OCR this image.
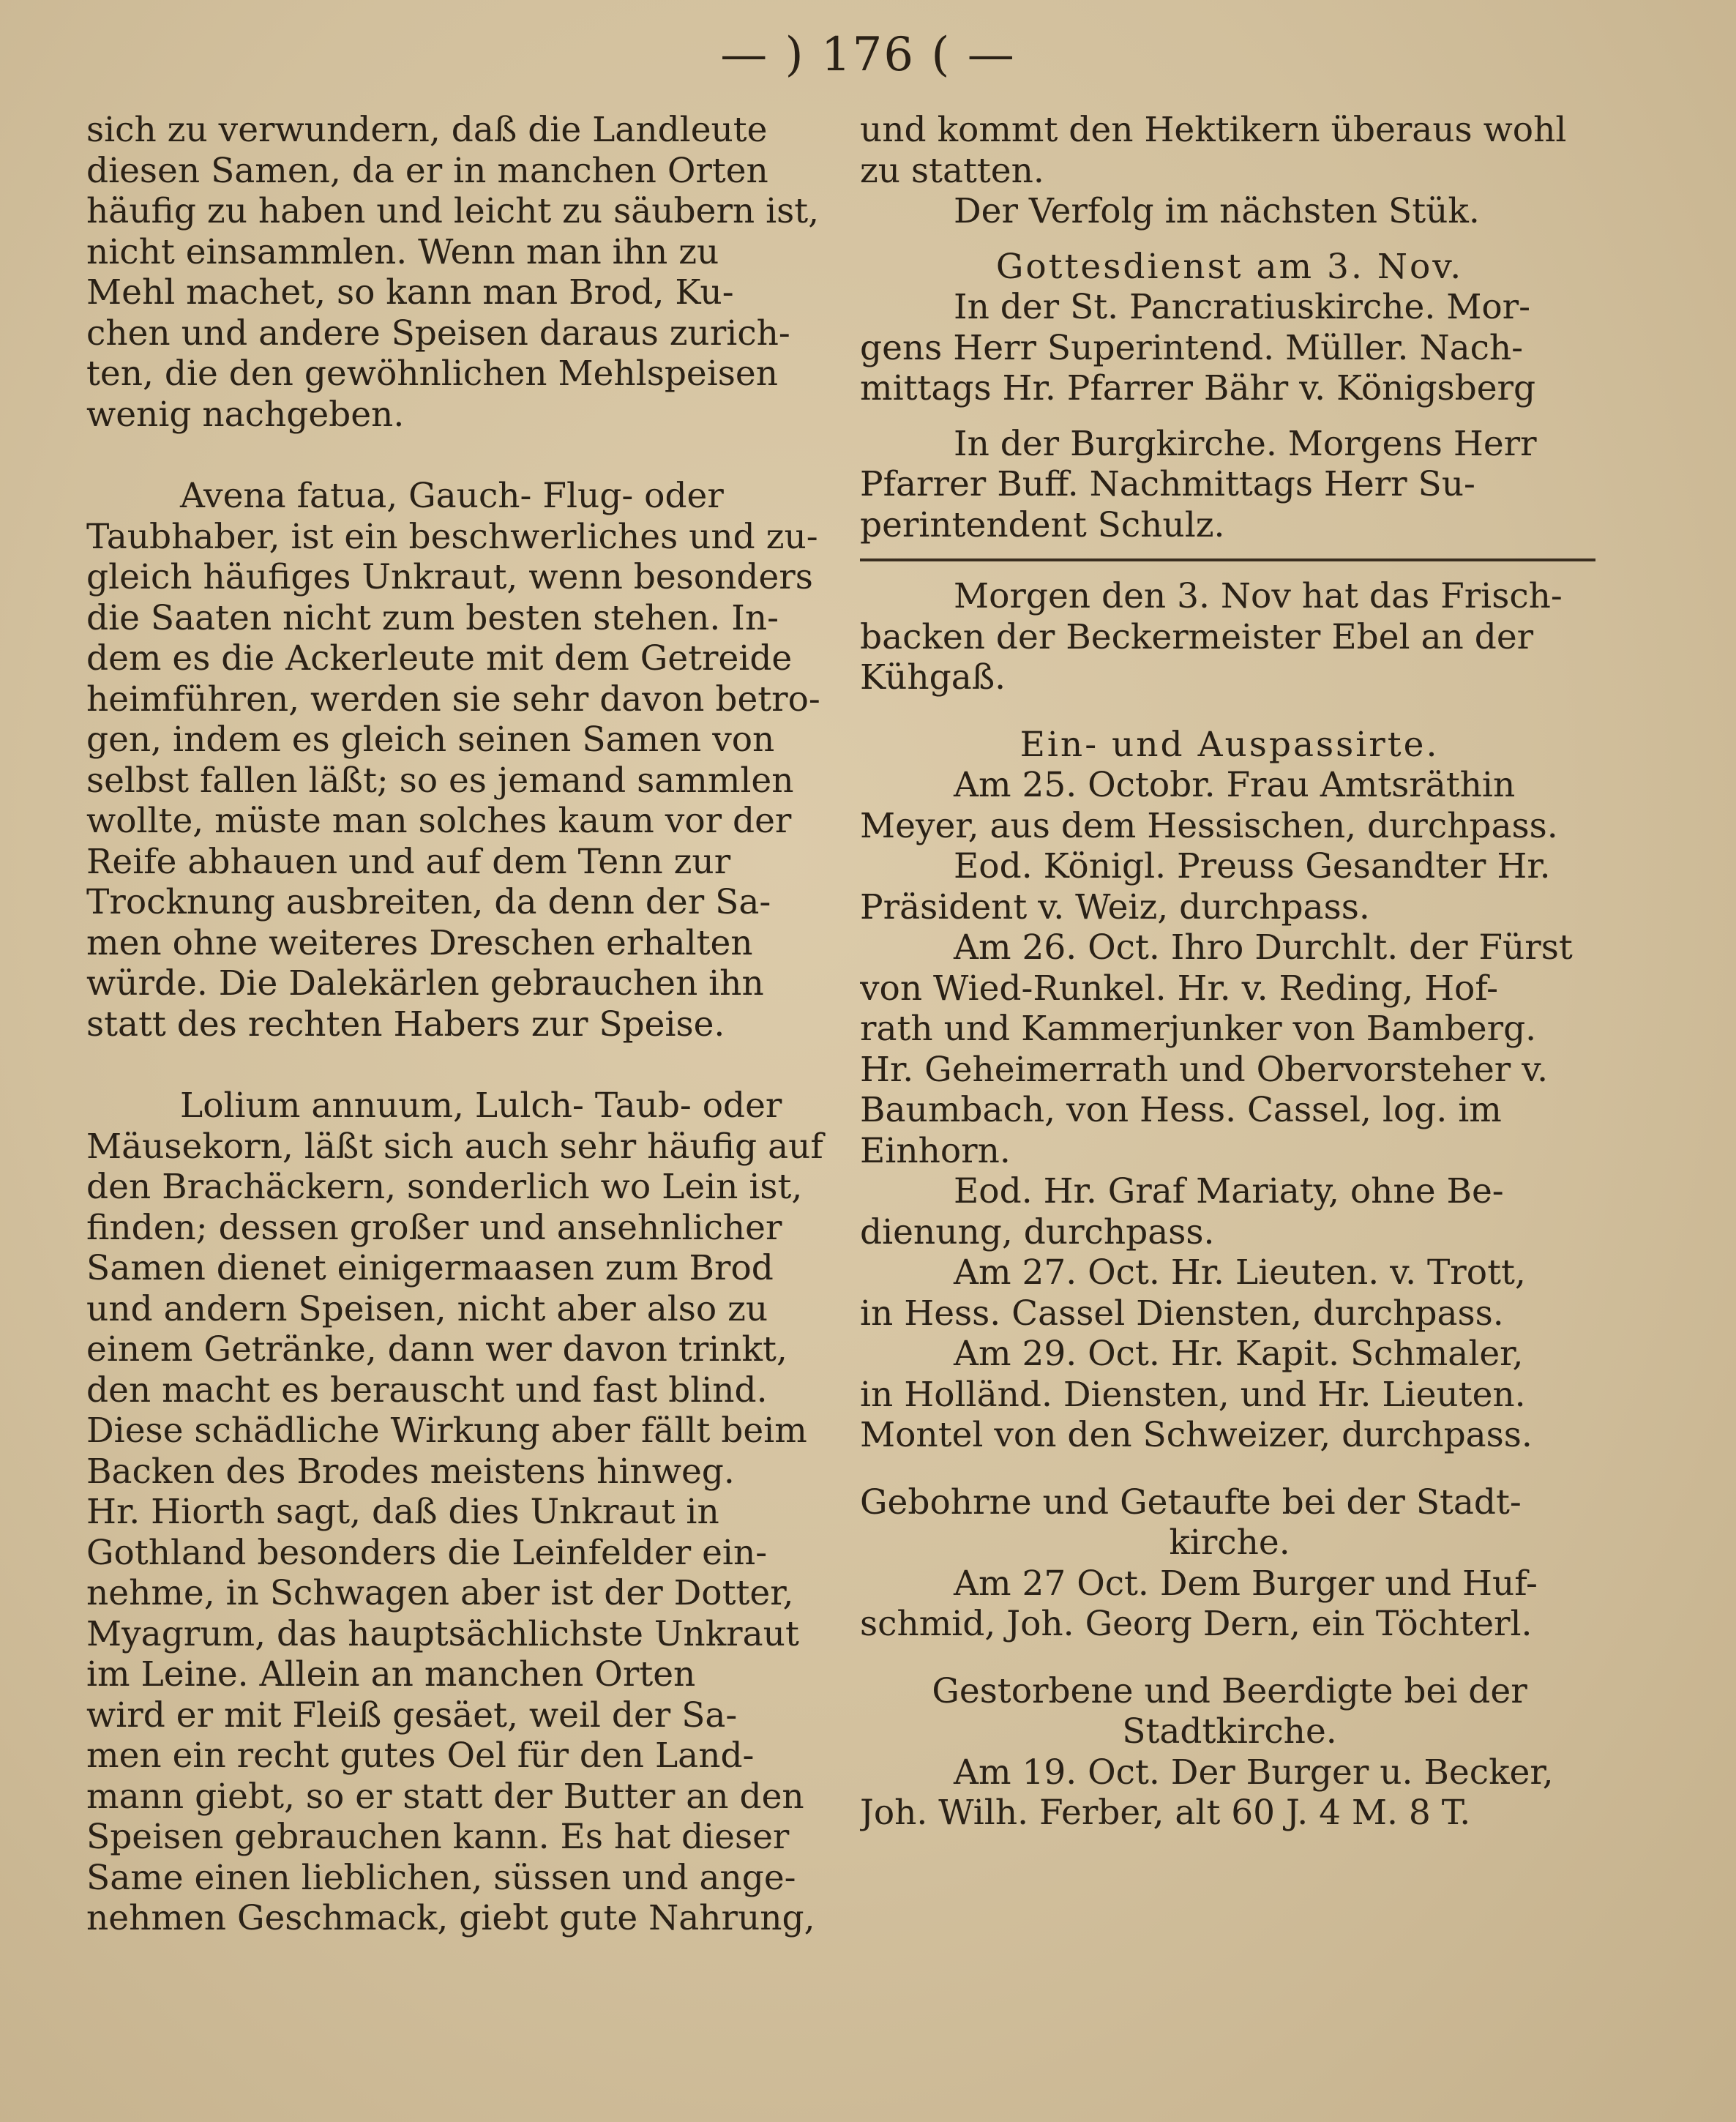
— ) 176 ( —
sich zu verwundern, daß die Landleute
diesen Samen, da er in manchen Orten
häufig zu haben und leicht zu säubern ist,
nicht einsammlen. Wenn man ihn zu
Mehl machet, so kann man Brod, Ku-
chen und andere Speisen daraus zurich-
ten, die den gewöhnlichen Mehlspeisen
wenig nachgeben.
Avena fatua, Gauch- Flug- oder
Taubhaber, ist ein beschwerliches und zu-
gleich häufiges Unkraut, wenn besonders
die Saaten nicht zum besten stehen. In-
dem es die Ackerleute mit dem Getreide
heimführen, werden sie sehr davon betro-
gen, indem es gleich seinen Samen von
selbst fallen läßt; so es jemand sammlen
wollte, müste man solches kaum vor der
Reife abhauen und auf dem Tenn zur
Trocknung ausbreiten, da denn der Sa-
men ohne weiteres Dreschen erhalten
würde. Die Dalekärlen gebrauchen ihn
statt des rechten Habers zur Speise.
Lolium annuum, Lulch- Taub- oder
Mäusekorn, läßt sich auch sehr häufig auf
den Brachäckern, sonderlich wo Lein ist,
finden; dessen großer und ansehnlicher
Samen dienet einigermaasen zum Brod
und andern Speisen, nicht aber also zu
einem Getränke, dann wer davon trinkt,
den macht es berauscht und fast blind.
Diese schädliche Wirkung aber fällt beim
Backen des Brodes meistens hinweg.
Hr. Hiorth sagt, daß dies Unkraut in
Gothland besonders die Leinfelder ein-
nehme, in Schwagen aber ist der Dotter,
Myagrum, das hauptsächlichste Unkraut
im Leine. Allein an manchen Orten
wird er mit Fleiß gesäet, weil der Sa-
men ein recht gutes Oel für den Land-
mann giebt, so er statt der Butter an den
Speisen gebrauchen kann. Es hat dieser
Same einen lieblichen, süssen und ange-
nehmen Geschmack, giebt gute Nahrung,
und kommt den Hektikern überaus wohl
zu statten.
Der Verfolg im nächsten Stük.
Gottesdienst am 3. Nov.
In der St. Pancratiuskirche. Mor-
gens Herr Superintend. Müller. Nach-
mittags Hr. Pfarrer Bähr v. Königsberg
In der Burgkirche. Morgens Herr
Pfarrer Buff. Nachmittags Herr Su-
perintendent Schulz.
Morgen den 3. Nov hat das Frisch-
backen der Beckermeister Ebel an der
Kühgaß.
Ein- und Auspassirte.
Am 25. Octobr. Frau Amtsräthin
Meyer, aus dem Hessischen, durchpass.
Eod. Königl. Preuss Gesandter Hr.
Präsident v. Weiz, durchpass.
Am 26. Oct. Ihro Durchlt. der Fürst
von Wied-Runkel. Hr. v. Reding, Hof-
rath und Kammerjunker von Bamberg.
Hr. Geheimerrath und Obervorsteher v.
Baumbach, von Hess. Cassel, log. im
Einhorn.
Eod. Hr. Graf Mariaty, ohne Be-
dienung, durchpass.
Am 27. Oct. Hr. Lieuten. v. Trott,
in Hess. Cassel Diensten, durchpass.
Am 29. Oct. Hr. Kapit. Schmaler,
in Holländ. Diensten, und Hr. Lieuten.
Montel von den Schweizer, durchpass.
Gebohrne und Getaufte bei der Stadt-
kirche.
Am 27 Oct. Dem Burger und Huf-
schmid, Joh. Georg Dern, ein Töchterl.
Gestorbene und Beerdigte bei der
Stadtkirche.
Am 19. Oct. Der Burger u. Becker,
Joh. Wilh. Ferber, alt 60 J. 4 M. 8 T.
